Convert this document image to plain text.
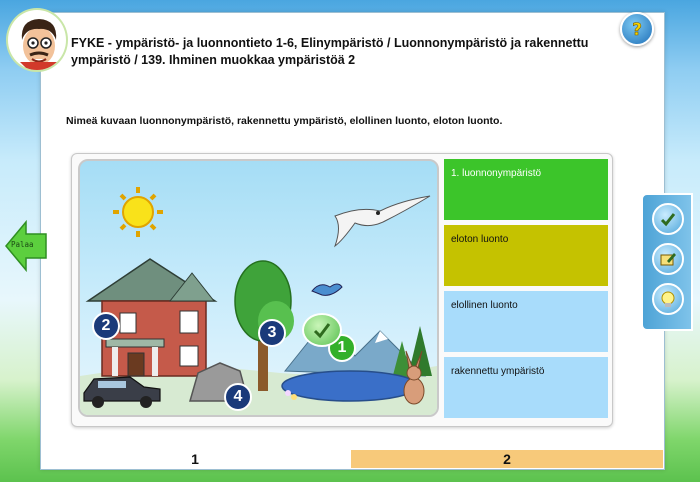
FYKE - ympäristö- ja luonnontieto 1-6, Elinympäristö / Luonnonympäristö ja rakennettu ympäristö / 139. Ihminen muokkaa ympäristöä 2
?
Nimeä kuvaan luonnonympäristö, rakennettu ympäristö, elollinen luonto, eloton luonto.
Palaa
1
2	3
4
1. luonnonympäristö
eloton luonto
elollinen luonto
rakennettu ympäristö
1	2
